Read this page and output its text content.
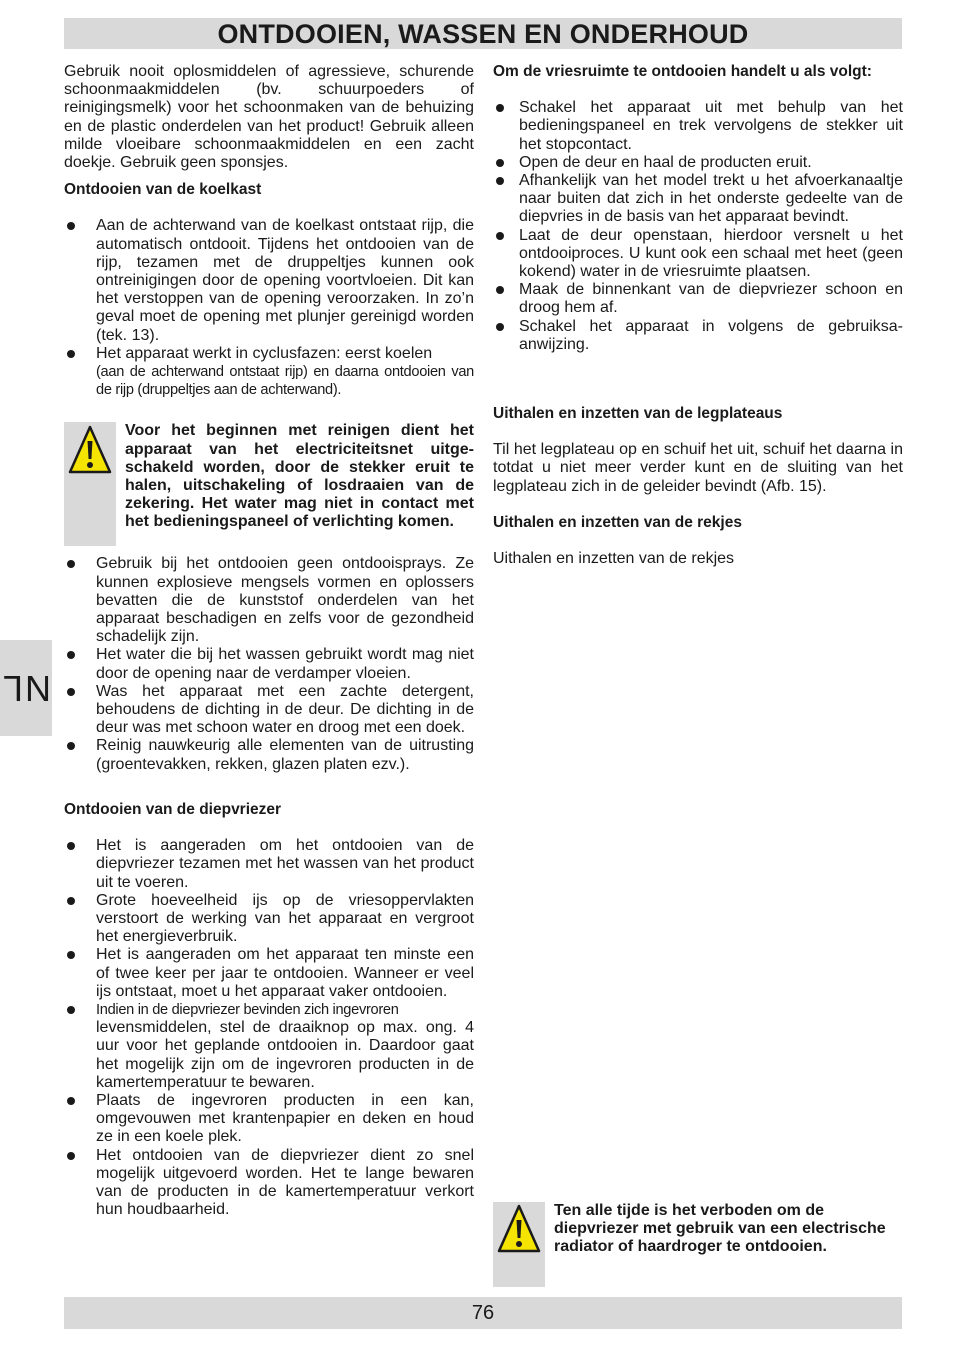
ONTDOOIEN, WASSEN EN ONDERHOUD
NL

Gebruik nooit oplosmiddelen of agressieve, schurende schoonmaakmiddelen (bv. schuurpoeders of reinigingsmelk) voor het schoonmaken van de behuizing en de plastic onderdelen van het product! Gebruik alleen milde vloeibare schoonmaakmiddelen en een zacht doekje. Gebruik geen sponsjes.

Ontdooien van de koelkast

Aan de achterwand van de koelkast ontstaat rijp, die automatisch ontdooit. Tijdens het ontdooien van de rijp, tezamen met de druppeltjes kunnen ook ontreinigingen door de opening voortvloeien. Dit kan het verstoppen van de opening veroorzaken. In zo’n geval moet de opening met plunjer gereinigd worden (tek. 13).
Het apparaat werkt in cyclusfazen: eerst koelen
(aan de achterwand ontstaat rijp) en daarna ontdooien van de rijp (druppeltjes aan de achterwand).
Voor het beginnen met reinigen dient het apparaat van het electriciteitsnet uitgeschakeld worden, door de stekker eruit te halen, uitschakeling of losdraaien van de zekering. Het water mag niet in contact met het bedieningspaneel of verlichting komen.
Gebruik bij het ontdooien geen ontdooisprays. Ze kunnen explosieve mengsels vormen en oplossers bevatten die de kunststof onderdelen van het apparaat beschadigen en zelfs voor de gezondheid schadelijk zijn.
Het water die bij het wassen gebruikt wordt mag niet door de opening naar de verdamper vloeien.
Was het apparaat met een zachte detergent, behoudens de dichting in de deur. De dichting in de deur was met schoon water en droog met een doek.
Reinig nauwkeurig alle elementen van de uitrusting (groentevakken, rekken, glazen platen ezv.).

Ontdooien van de diepvriezer

Het is aangeraden om het ontdooien van de diepvriezer tezamen met het wassen van het product uit te voeren.
Grote hoeveelheid ijs op de vriesoppervlakten verstoort de werking van het apparaat en vergroot het energieverbruik.
Het is aangeraden om het apparaat ten minste een of twee keer per jaar te ontdooien. Wanneer er veel ijs ontstaat, moet u het apparaat vaker ontdooien.
Indien in de diepvriezer bevinden zich ingevroren
levensmiddelen, stel de draaiknop op max. ong. 4 uur voor het geplande ontdooien in. Daardoor gaat het mogelijk zijn om de ingevroren producten in de kamertemperatuur te bewaren.
Plaats de ingevroren producten in een kan, omgevouwen met krantenpapier en deken en houd ze in een koele plek.
Het ontdooien van de diepvriezer dient zo snel mogelijk uitgevoerd worden. Het te lange bewaren van de producten in de kamertemperatuur verkort hun houdbaarheid.

Om de vriesruimte te ontdooien handelt u als volgt:

Schakel het apparaat uit met behulp van het bedieningspaneel en trek vervolgens de stekker uit het stopcontact.
Open de deur en haal de producten eruit.
Afhankelijk van het model trekt u het afvoerkanaaltje naar buiten dat zich in het onderste gedeelte van de diepvries in de basis van het apparaat bevindt.
Laat de deur openstaan, hierdoor versnelt u het ontdooiproces. U kunt ook een schaal met heet (geen kokend) water in de vriesruimte plaatsen.
Maak de binnenkant van de diepvriezer schoon en droog hem af.
Schakel het apparaat in volgens de gebruiksaanwijzing.

Uithalen en inzetten van de legplateaus

Til het legplateau op en schuif het uit, schuif het daarna in totdat u niet meer verder kunt en de sluiting van het legplateau zich in de geleider bevindt (Afb. 15).

Uithalen en inzetten van de rekjes

Uithalen en inzetten van de rekjes

Ten alle tijde is het verboden om de diepvriezer met gebruik van een electrische radiator of haardroger te ontdooien.
76
